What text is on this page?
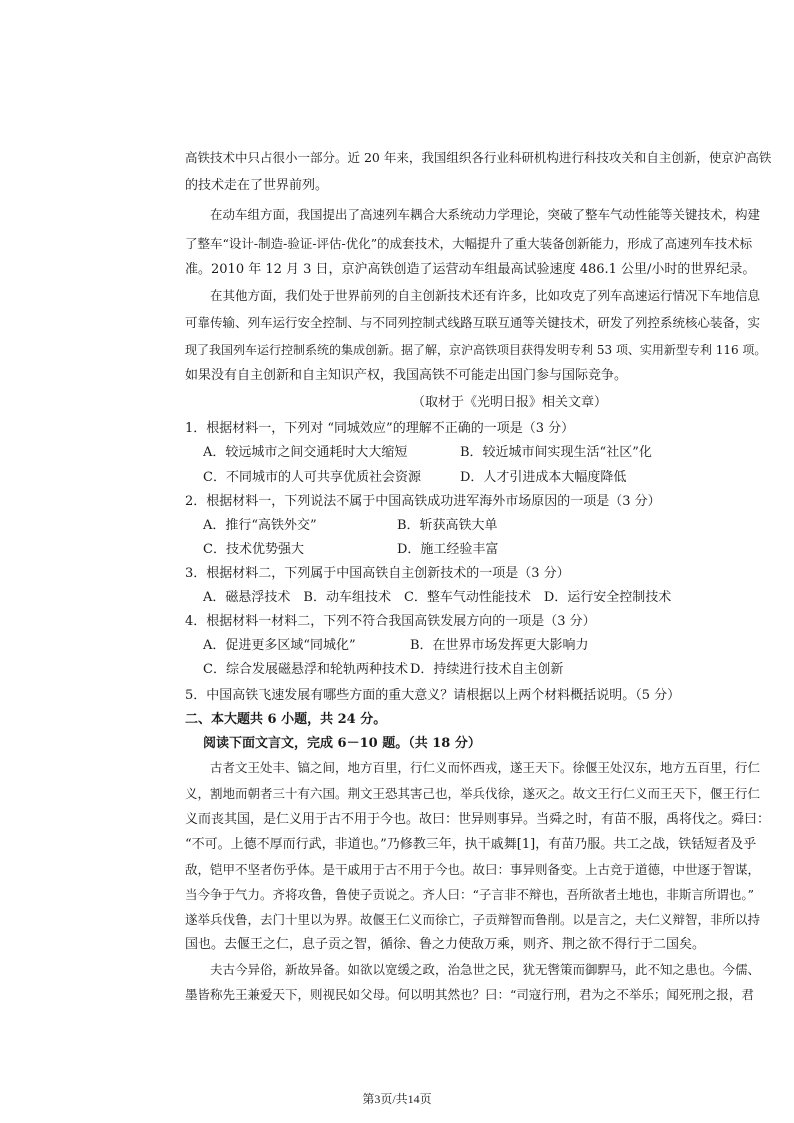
高铁技术中只占很小一部分。近 20 年来，我国组织各行业科研机构进行科技攻关和自主创新，使京沪高铁
的技术走在了世界前列。
在动车组方面，我国提出了高速列车耦合大系统动力学理论，突破了整车气动性能等关键技术，构建
了整车“设计-制造-验证-评估-优化”的成套技术，大幅提升了重大装备创新能力，形成了高速列车技术标
准。2010 年 12 月 3 日，京沪高铁创造了运营动车组最高试验速度 486.1 公里/小时的世界纪录。
在其他方面，我们处于世界前列的自主创新技术还有许多，比如攻克了列车高速运行情况下车地信息
可靠传输、列车运行安全控制、与不同列控制式线路互联互通等关键技术，研发了列控系统核心装备，实
现了我国列车运行控制系统的集成创新。据了解，京沪高铁项目获得发明专利 53 项、实用新型专利 116 项。
如果没有自主创新和自主知识产权，我国高铁不可能走出国门参与国际竞争。
（取材于《光明日报》相关文章）
1．根据材料一，下列对 “同城效应”的理解不正确的一项是（3 分）
A．较远城市之间交通耗时大大缩短	B．较近城市间实现生活“社区”化
C．不同城市的人可共享优质社会资源	D．人才引进成本大幅度降低
2．根据材料一，下列说法不属于中国高铁成功进军海外市场原因的一项是（3 分）
A．推行“高铁外交”	B．斩获高铁大单
C．技术优势强大	D．施工经验丰富
3．根据材料二，下列属于中国高铁自主创新技术的一项是（3 分）
A．磁悬浮技术　B．动车组技术　C．整车气动性能技术　D．运行安全控制技术
4．根据材料一材料二，下列不符合我国高铁发展方向的一项是（3 分）
A．促进更多区域“同城化”	B．在世界市场发挥更大影响力
C．综合发展磁悬浮和轮轨两种技术 D．持续进行技术自主创新
5．中国高铁飞速发展有哪些方面的重大意义？请根据以上两个材料概括说明。（5 分）
二、本大题共 6 小题，共 24 分。
阅读下面文言文，完成 6－10 题。（共 18 分）
古者文王处丰、镐之间，地方百里，行仁义而怀西戎，遂王天下。徐偃王处汉东，地方五百里，行仁
义，割地而朝者三十有六国。荆文王恐其害己也，举兵伐徐，遂灭之。故文王行仁义而王天下，偃王行仁
义而丧其国，是仁义用于古不用于今也。故曰：世异则事异。当舜之时，有苗不服，禹将伐之。舜曰：
“不可。上德不厚而行武，非道也。”乃修教三年，执干戚舞[1]，有苗乃服。共工之战，铁铦短者及乎
敌，铠甲不坚者伤乎体。是干戚用于古不用于今也。故曰：事异则备变。上古竞于道德，中世逐于智谋，
当今争于气力。齐将攻鲁，鲁使子贡说之。齐人曰：“子言非不辩也，吾所欲者土地也，非斯言所谓也。”
遂举兵伐鲁，去门十里以为界。故偃王仁义而徐亡，子贡辩智而鲁削。以是言之，夫仁义辩智，非所以持
国也。去偃王之仁，息子贡之智，循徐、鲁之力使敌万乘，则齐、荆之欲不得行于二国矣。
夫古今异俗，新故异备。如欲以宽缓之政，治急世之民，犹无辔策而御駻马，此不知之患也。今儒、
墨皆称先王兼爱天下，则视民如父母。何以明其然也？曰：“司寇行刑，君为之不举乐；闻死刑之报，君
第3页/共14页
